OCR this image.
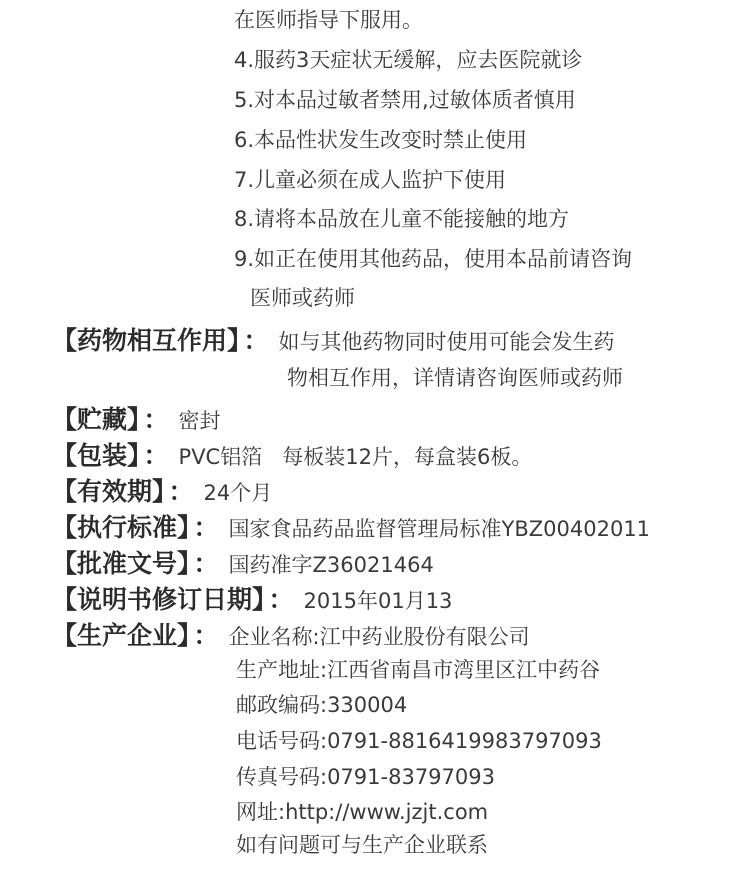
在医师指导下服用。
4.服药3天症状无缓解，应去医院就诊
5.对本品过敏者禁用,过敏体质者慎用
6.本品性状发生改变时禁止使用
7.儿童必须在成人监护下使用
8.请将本品放在儿童不能接触的地方
9.如正在使用其他药品，使用本品前请咨询
医师或药师
【药物相互作用】 ： 如与其他药物同时使用可能会发生药
物相互作用，详情请咨询医师或药师
【贮藏】 ： 密封
【包装】 ： PVC铝箔   每板装12片，每盒装6板。
【有效期】 ： 24个月
【执行标准】 ： 国家食品药品监督管理局标准YBZ00402011
【批准文号】 ： 国药准字Z36021464
【说明书修订日期】 ： 2015年01月13
【生产企业】 ： 企业名称:江中药业股份有限公司
生产地址:江西省南昌市湾里区江中药谷
邮政编码:330004
电话号码:0791-8816419983797093
传真号码:0791-83797093
网址:http://www.jzjt.com
如有问题可与生产企业联系
